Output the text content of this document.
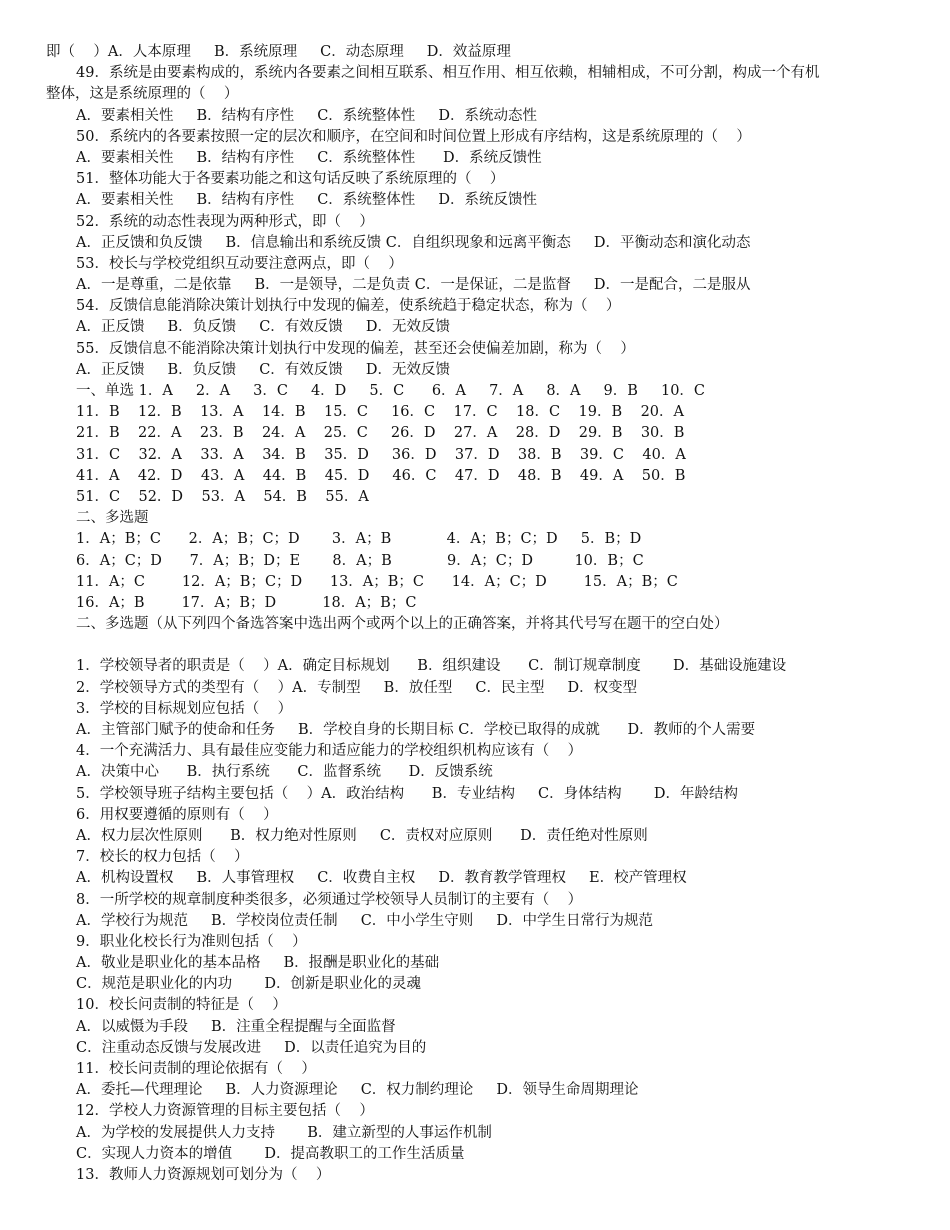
即（    ）A．人本原理     B．系统原理     C．动态原理     D．效益原理
49．系统是由要素构成的，系统内各要素之间相互联系、相互作用、相互依赖，相辅相成，不可分割，构成一个有机
整体，这是系统原理的（    ）
A．要素相关性     B．结构有序性     C．系统整体性     D．系统动态性
50．系统内的各要素按照一定的层次和顺序，在空间和时间位置上形成有序结构，这是系统原理的（    ）
A．要素相关性     B．结构有序性     C．系统整体性      D．系统反馈性
51．整体功能大于各要素功能之和这句话反映了系统原理的（    ）
A．要素相关性     B．结构有序性     C．系统整体性     D．系统反馈性
52．系统的动态性表现为两种形式，即（    ）
A．正反馈和负反馈     B．信息输出和系统反馈 C．自组织现象和远离平衡态     D．平衡动态和演化动态
53．校长与学校党组织互动要注意两点，即（    ）
A．一是尊重，二是依靠     B．一是领导，二是负责 C．一是保证，二是监督     D．一是配合，二是服从
54．反馈信息能消除决策计划执行中发现的偏差，使系统趋于稳定状态，称为（    ）
A．正反馈     B．负反馈     C．有效反馈     D．无效反馈
55．反馈信息不能消除决策计划执行中发现的偏差，甚至还会使偏差加剧，称为（    ）
A．正反馈     B．负反馈     C．有效反馈     D．无效反馈
一、单选 1．A     2．A     3．C     4．D     5．C      6．A     7．A     8．A     9．B     10．C
11．B    12．B    13．A    14．B    15．C     16．C    17．C    18．C    19．B    20．A
21．B    22．A    23．B    24．A    25．C     26．D    27．A    28．D    29．B    30．B
31．C    32．A    33．A    34．B    35．D     36．D    37．D    38．B    39．C    40．A
41．A    42．D    43．A    44．B    45．D     46．C    47．D    48．B    49．A    50．B
51．C    52．D    53．A    54．B    55．A
二、多选题
1．A；B；C      2．A；B；C；D       3．A；B            4．A；B；C；D     5．B；D
6．A；C；D      7．A；B；D；E       8．A；B            9．A；C；D         10．B；C
11．A；C        12．A；B；C；D      13．A；B；C      14．A；C；D        15．A；B；C
16．A；B        17．A；B；D          18．A；B；C
二、多选题（从下列四个备选答案中选出两个或两个以上的正确答案，并将其代号写在题干的空白处）
1．学校领导者的职责是（    ）A．确定目标规划      B．组织建设      C．制订规章制度       D．基础设施建设
2．学校领导方式的类型有（    ）A．专制型     B．放任型     C．民主型     D．权变型
3．学校的目标规划应包括（    ）
A．主管部门赋予的使命和任务     B．学校自身的长期目标 C．学校已取得的成就      D．教师的个人需要
4．一个充满活力、具有最佳应变能力和适应能力的学校组织机构应该有（    ）
A．决策中心      B．执行系统      C．监督系统      D．反馈系统
5．学校领导班子结构主要包括（    ）A．政治结构      B．专业结构     C．身体结构       D．年龄结构
6．用权要遵循的原则有（    ）
A．权力层次性原则      B．权力绝对性原则     C．责权对应原则      D．责任绝对性原则
7．校长的权力包括（    ）
A．机构设置权     B．人事管理权     C．收费自主权     D．教育教学管理权     E．校产管理权
8．一所学校的规章制度种类很多，必须通过学校领导人员制订的主要有（    ）
A．学校行为规范     B．学校岗位责任制     C．中小学生守则     D．中学生日常行为规范
9．职业化校长行为准则包括（    ）
A．敬业是职业化的基本品格     B．报酬是职业化的基础
C．规范是职业化的内功       D．创新是职业化的灵魂
10．校长问责制的特征是（    ）
A．以威慑为手段     B．注重全程提醒与全面监督
C．注重动态反馈与发展改进     D．以责任追究为目的
11．校长问责制的理论依据有（    ）
A．委托—代理理论     B．人力资源理论     C．权力制约理论     D．领导生命周期理论
12．学校人力资源管理的目标主要包括（    ）
A．为学校的发展提供人力支持       B．建立新型的人事运作机制
C．实现人力资本的增值       D．提高教职工的工作生活质量
13．教师人力资源规划可划分为（    ）
